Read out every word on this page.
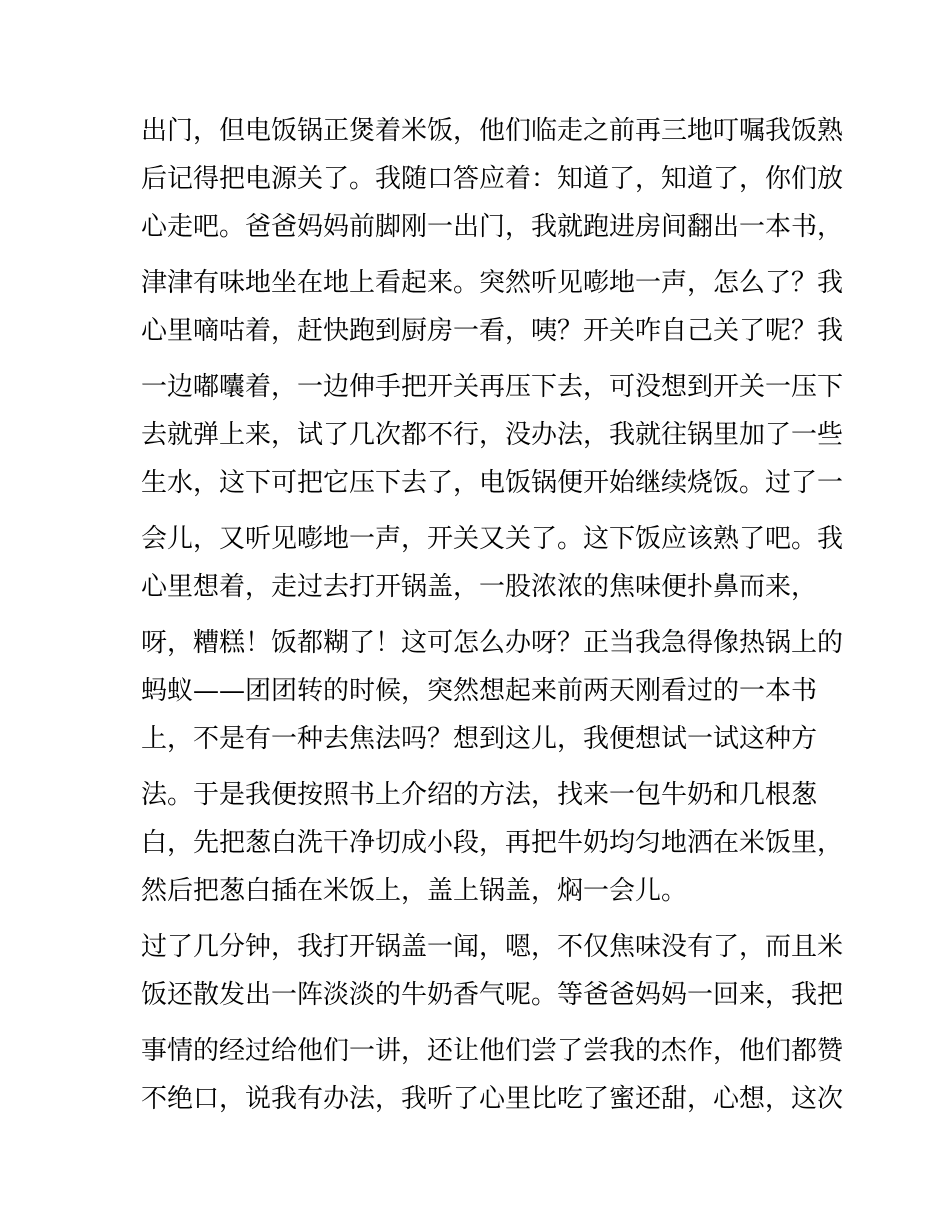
出门，但电饭锅正煲着米饭，他们临走之前再三地叮嘱我饭熟
后记得把电源关了。我随口答应着：知道了，知道了，你们放
心走吧。爸爸妈妈前脚刚一出门，我就跑进房间翻出一本书，
津津有味地坐在地上看起来。突然听见嘭地一声，怎么了？我
心里嘀咕着，赶快跑到厨房一看，咦？开关咋自己关了呢？我
一边嘟囔着，一边伸手把开关再压下去，可没想到开关一压下
去就弹上来，试了几次都不行，没办法，我就往锅里加了一些
生水，这下可把它压下去了，电饭锅便开始继续烧饭。过了一
会儿，又听见嘭地一声，开关又关了。这下饭应该熟了吧。我
心里想着，走过去打开锅盖，一股浓浓的焦味便扑鼻而来，
呀，糟糕！饭都糊了！这可怎么办呀？正当我急得像热锅上的
蚂蚁——团团转的时候，突然想起来前两天刚看过的一本书
上，不是有一种去焦法吗？想到这儿，我便想试一试这种方
法。于是我便按照书上介绍的方法，找来一包牛奶和几根葱
白，先把葱白洗干净切成小段，再把牛奶均匀地洒在米饭里，
然后把葱白插在米饭上，盖上锅盖，焖一会儿。
过了几分钟，我打开锅盖一闻，嗯，不仅焦味没有了，而且米
饭还散发出一阵淡淡的牛奶香气呢。等爸爸妈妈一回来，我把
事情的经过给他们一讲，还让他们尝了尝我的杰作，他们都赞
不绝口，说我有办法，我听了心里比吃了蜜还甜，心想，这次
